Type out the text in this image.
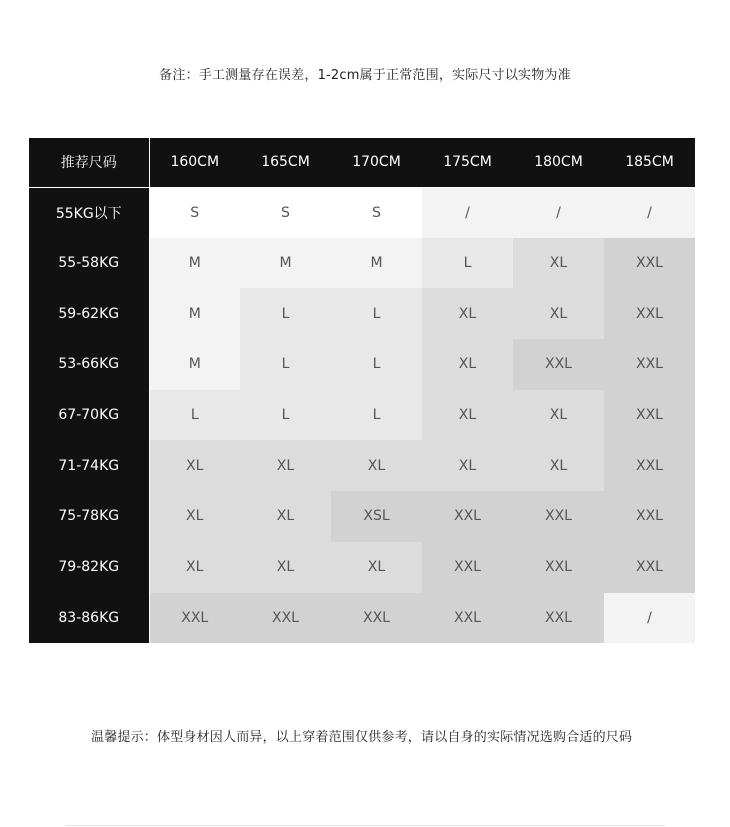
备注：手工测量存在误差，1-2cm属于正常范围，实际尺寸以实物为准
推荐尺码	160CM	165CM	170CM	175CM	180CM	185CM
55KG以下	S	S	S	/	/	/
55-58KG	M	M	M	L	XL	XXL
59-62KG	M	L	L	XL	XL	XXL
53-66KG	M	L	L	XL	XXL	XXL
67-70KG	L	L	L	XL	XL	XXL
71-74KG	XL	XL	XL	XL	XL	XXL
75-78KG	XL	XL	XSL	XXL	XXL	XXL
79-82KG	XL	XL	XL	XXL	XXL	XXL
83-86KG	XXL	XXL	XXL	XXL	XXL	/
温馨提示：体型身材因人而异，以上穿着范围仅供参考，请以自身的实际情况选购合适的尺码
